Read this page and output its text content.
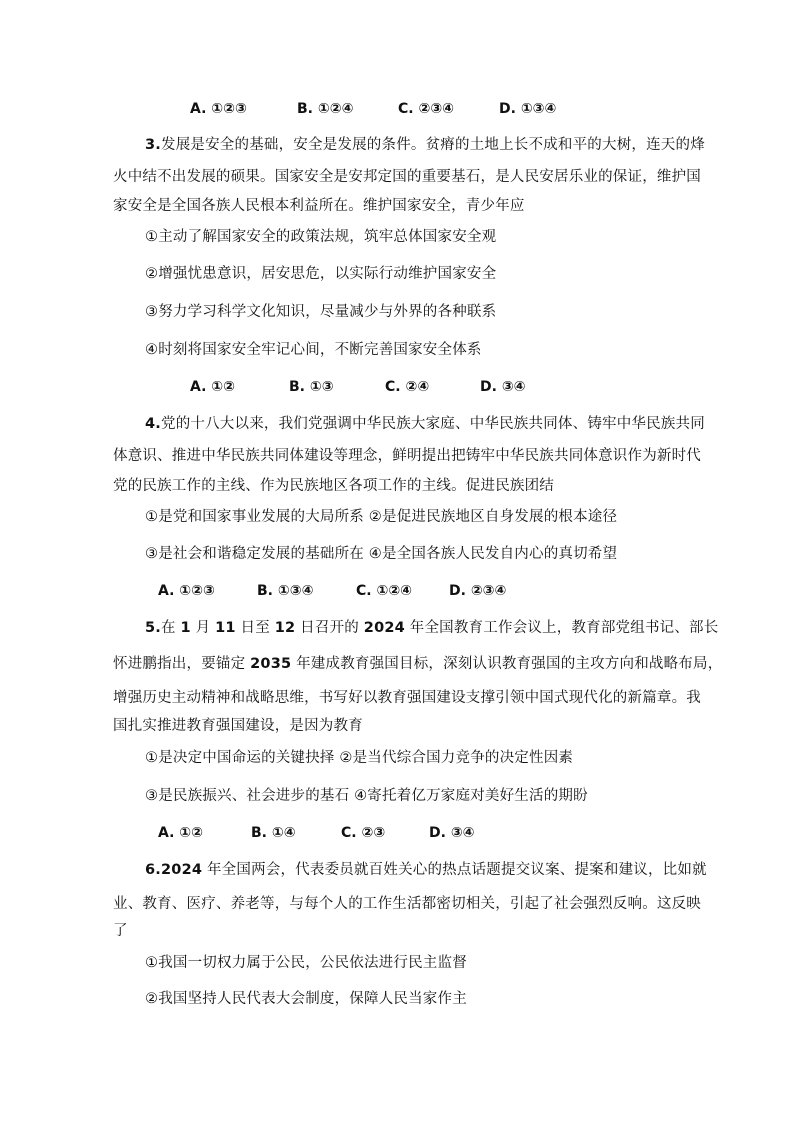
A. ①②③	B. ①②④	C. ②③④	D. ①③④
3.发展是安全的基础，安全是发展的条件。贫瘠的土地上长不成和平的大树，连天的烽
火中结不出发展的硕果。国家安全是安邦定国的重要基石，是人民安居乐业的保证，维护国
家安全是全国各族人民根本利益所在。维护国家安全，青少年应
①主动了解国家安全的政策法规，筑牢总体国家安全观
②增强忧患意识，居安思危，以实际行动维护国家安全
③努力学习科学文化知识，尽量减少与外界的各种联系
④时刻将国家安全牢记心间，不断完善国家安全体系
A. ①②	B. ①③	C. ②④	D. ③④
4.党的十八大以来，我们党强调中华民族大家庭、中华民族共同体、铸牢中华民族共同
体意识、推进中华民族共同体建设等理念，鲜明提出把铸牢中华民族共同体意识作为新时代
党的民族工作的主线、作为民族地区各项工作的主线。促进民族团结
①是党和国家事业发展的大局所系 ②是促进民族地区自身发展的根本途径
③是社会和谐稳定发展的基础所在 ④是全国各族人民发自内心的真切希望
A. ①②③	B. ①③④	C. ①②④	D. ②③④
5.在 1 月 11 日至 12 日召开的 2024 年全国教育工作会议上，教育部党组书记、部长
怀进鹏指出，要锚定 2035 年建成教育强国目标，深刻认识教育强国的主攻方向和战略布局，
增强历史主动精神和战略思维，书写好以教育强国建设支撑引领中国式现代化的新篇章。我
国扎实推进教育强国建设，是因为教育
①是决定中国命运的关键抉择 ②是当代综合国力竞争的决定性因素
③是民族振兴、社会进步的基石 ④寄托着亿万家庭对美好生活的期盼
A. ①②	B. ①④	C. ②③	D. ③④
6.2024 年全国两会，代表委员就百姓关心的热点话题提交议案、提案和建议，比如就
业、教育、医疗、养老等，与每个人的工作生活都密切相关，引起了社会强烈反响。这反映
了
①我国一切权力属于公民，公民依法进行民主监督
②我国坚持人民代表大会制度，保障人民当家作主
